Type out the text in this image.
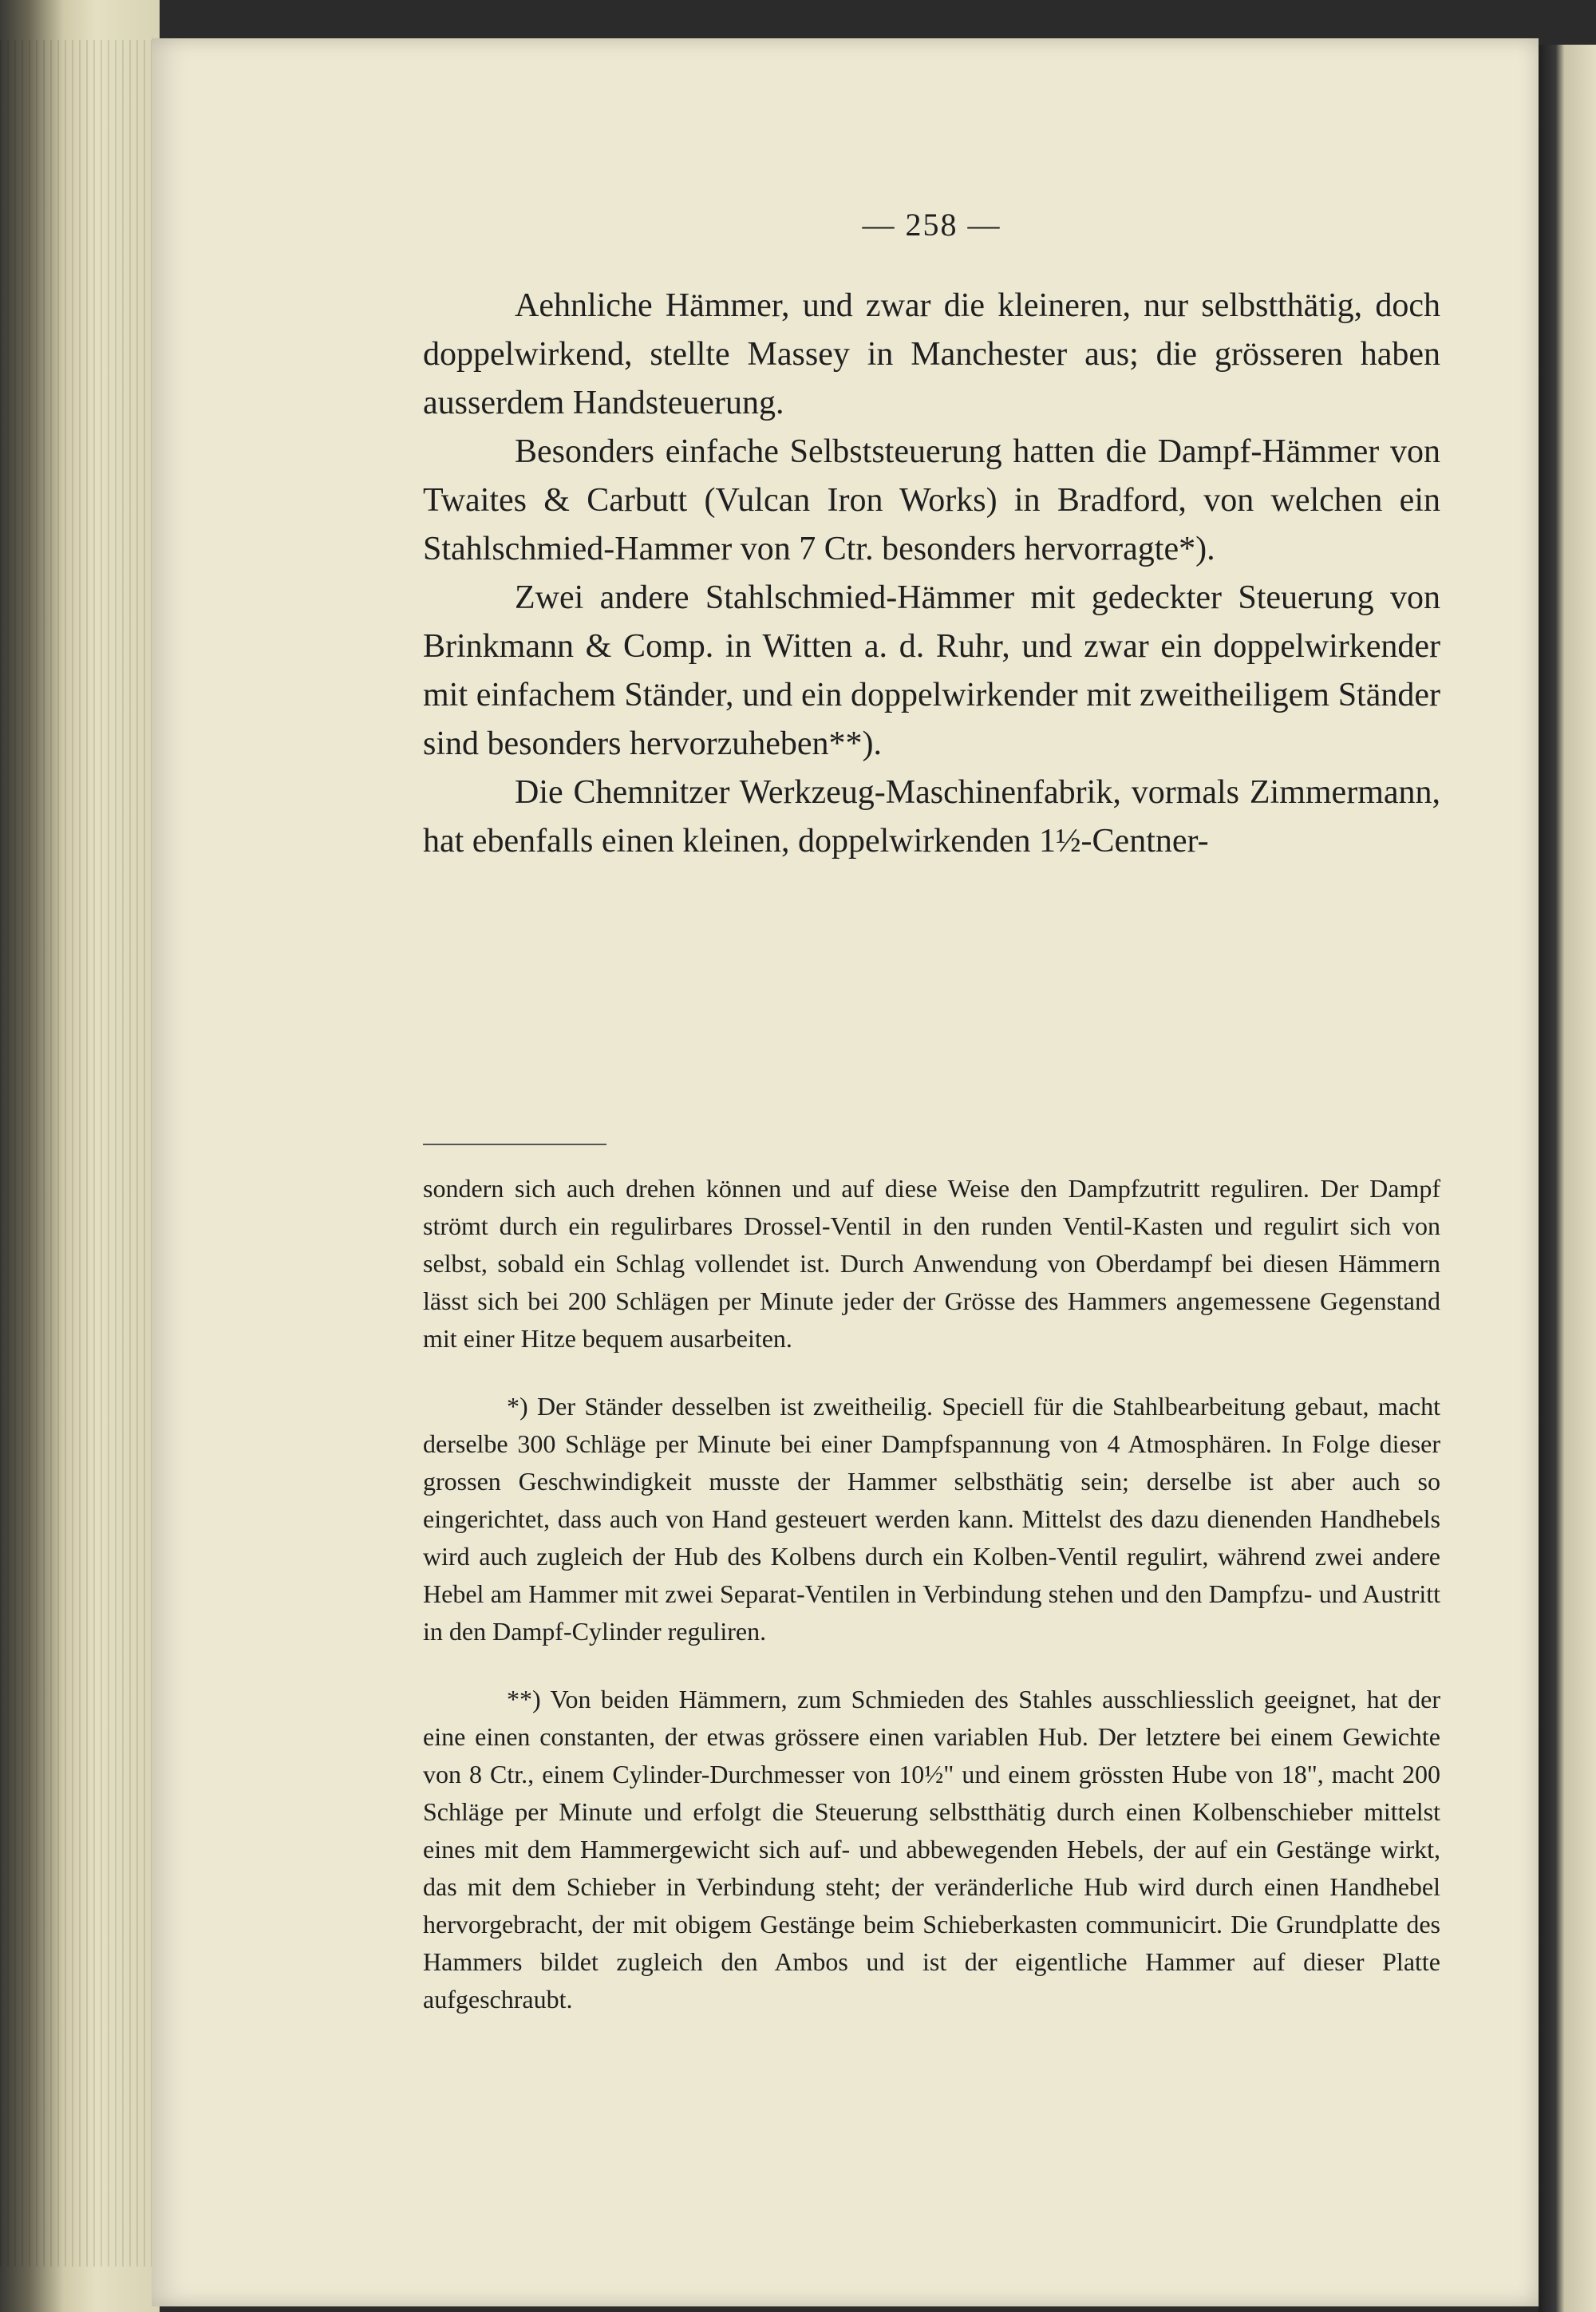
— 258 —

Aehnliche Hämmer, und zwar die kleineren, nur selbstthätig, doch doppelwirkend, stellte Massey in Manchester aus; die grösseren haben ausserdem Handsteuerung.

Besonders einfache Selbststeuerung hatten die Dampf-Hämmer von Twaites & Carbutt (Vulcan Iron Works) in Bradford, von welchen ein Stahlschmied-Hammer von 7 Ctr. besonders hervorragte*).

Zwei andere Stahlschmied-Hämmer mit gedeckter Steuerung von Brinkmann & Comp. in Witten a. d. Ruhr, und zwar ein doppelwirkender mit einfachem Ständer, und ein doppelwirkender mit zweitheiligem Ständer sind besonders hervorzuheben**).

Die Chemnitzer Werkzeug-Maschinenfabrik, vormals Zimmermann, hat ebenfalls einen kleinen, doppelwirkenden 1½-Centner-

sondern sich auch drehen können und auf diese Weise den Dampfzutritt reguliren. Der Dampf strömt durch ein regulirbares Drossel-Ventil in den runden Ventil-Kasten und regulirt sich von selbst, sobald ein Schlag vollendet ist. Durch Anwendung von Oberdampf bei diesen Hämmern lässt sich bei 200 Schlägen per Minute jeder der Grösse des Hammers angemessene Gegenstand mit einer Hitze bequem ausarbeiten.

*) Der Ständer desselben ist zweitheilig. Speciell für die Stahlbearbeitung gebaut, macht derselbe 300 Schläge per Minute bei einer Dampfspannung von 4 Atmosphären. In Folge dieser grossen Geschwindigkeit musste der Hammer selbsthätig sein; derselbe ist aber auch so eingerichtet, dass auch von Hand gesteuert werden kann. Mittelst des dazu dienenden Handhebels wird auch zugleich der Hub des Kolbens durch ein Kolben-Ventil regulirt, während zwei andere Hebel am Hammer mit zwei Separat-Ventilen in Verbindung stehen und den Dampfzu- und Austritt in den Dampf-Cylinder reguliren.

**) Von beiden Hämmern, zum Schmieden des Stahles ausschliesslich geeignet, hat der eine einen constanten, der etwas grössere einen variablen Hub. Der letztere bei einem Gewichte von 8 Ctr., einem Cylinder-Durchmesser von 10½" und einem grössten Hube von 18", macht 200 Schläge per Minute und erfolgt die Steuerung selbstthätig durch einen Kolbenschieber mittelst eines mit dem Hammergewicht sich auf- und abbewegenden Hebels, der auf ein Gestänge wirkt, das mit dem Schieber in Verbindung steht; der veränderliche Hub wird durch einen Handhebel hervorgebracht, der mit obigem Gestänge beim Schieberkasten communicirt. Die Grundplatte des Hammers bildet zugleich den Ambos und ist der eigentliche Hammer auf dieser Platte aufgeschraubt.
